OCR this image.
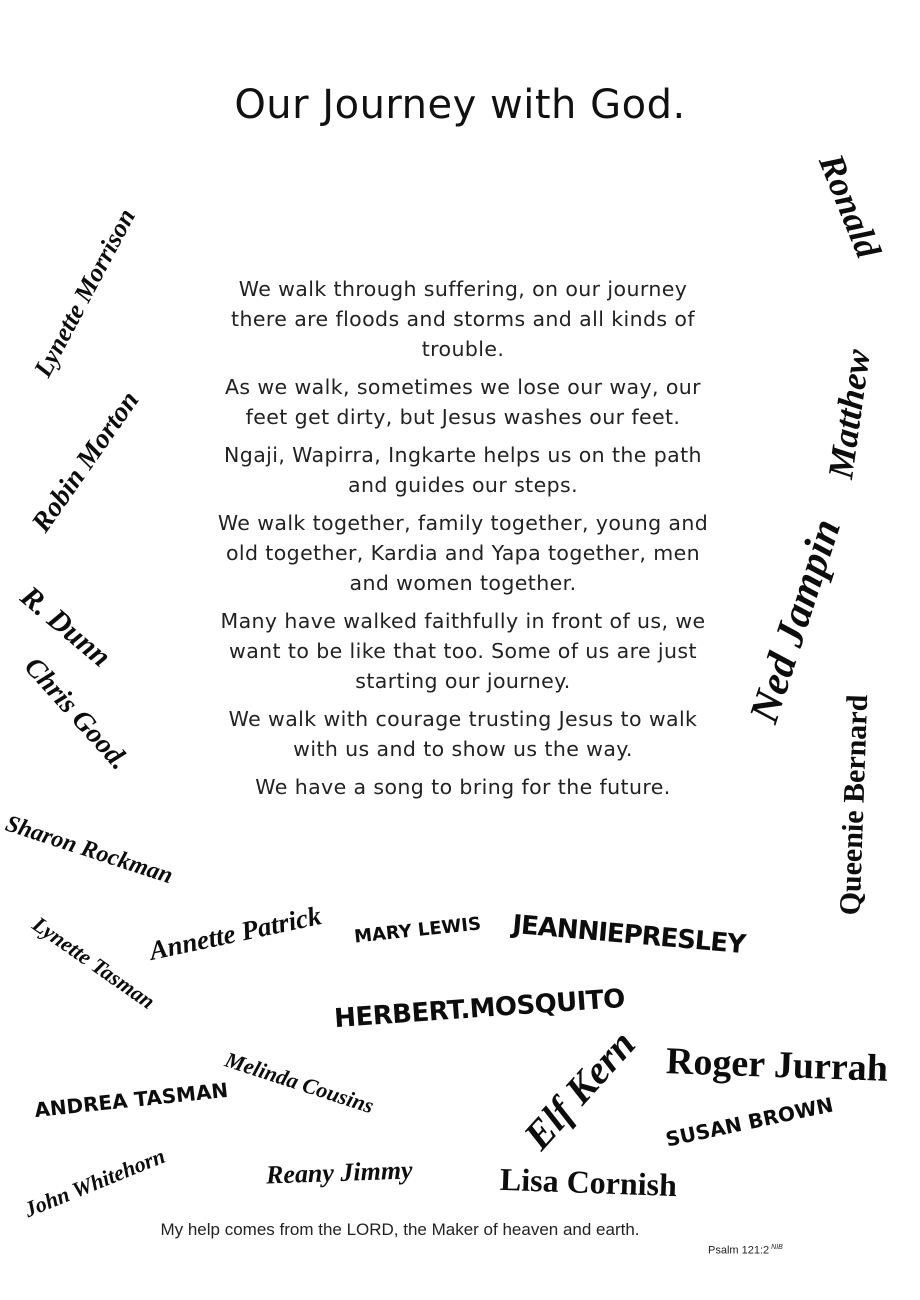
Our Journey with God.

We walk through suffering, on our journey there are floods and storms and all kinds of trouble.

As we walk, sometimes we lose our way, our feet get dirty, but Jesus washes our feet.

Ngaji, Wapirra, Ingkarte helps us on the path and guides our steps.

We walk together, family together, young and old together, Kardia and Yapa together, men and women together.

Many have walked faithfully in front of us, we want to be like that too. Some of us are just starting our journey.

We walk with courage trusting Jesus to walk with us and to show us the way.

We have a song to bring for the future.

Lynette Morrison
Robin Morton
R. Dunn
Chris Good.
Sharon Rockman
Lynette Tasman
Annette Patrick MARY LEWIS JEANNIEPRESLEY
HERBERT.MOSQUITO
ANDREA TASMAN
Melinda Cousins
Reany Jimmy
John Whitehorn	Lisa Cornish
Elf Kern Roger Jurrah
SUSAN BROWN
Queenie Bernard
Ned Jampin
Matthew
Ronald
My help comes from the LORD, the Maker of heaven and earth.
Psalm 121:2 $^{NIB}$
